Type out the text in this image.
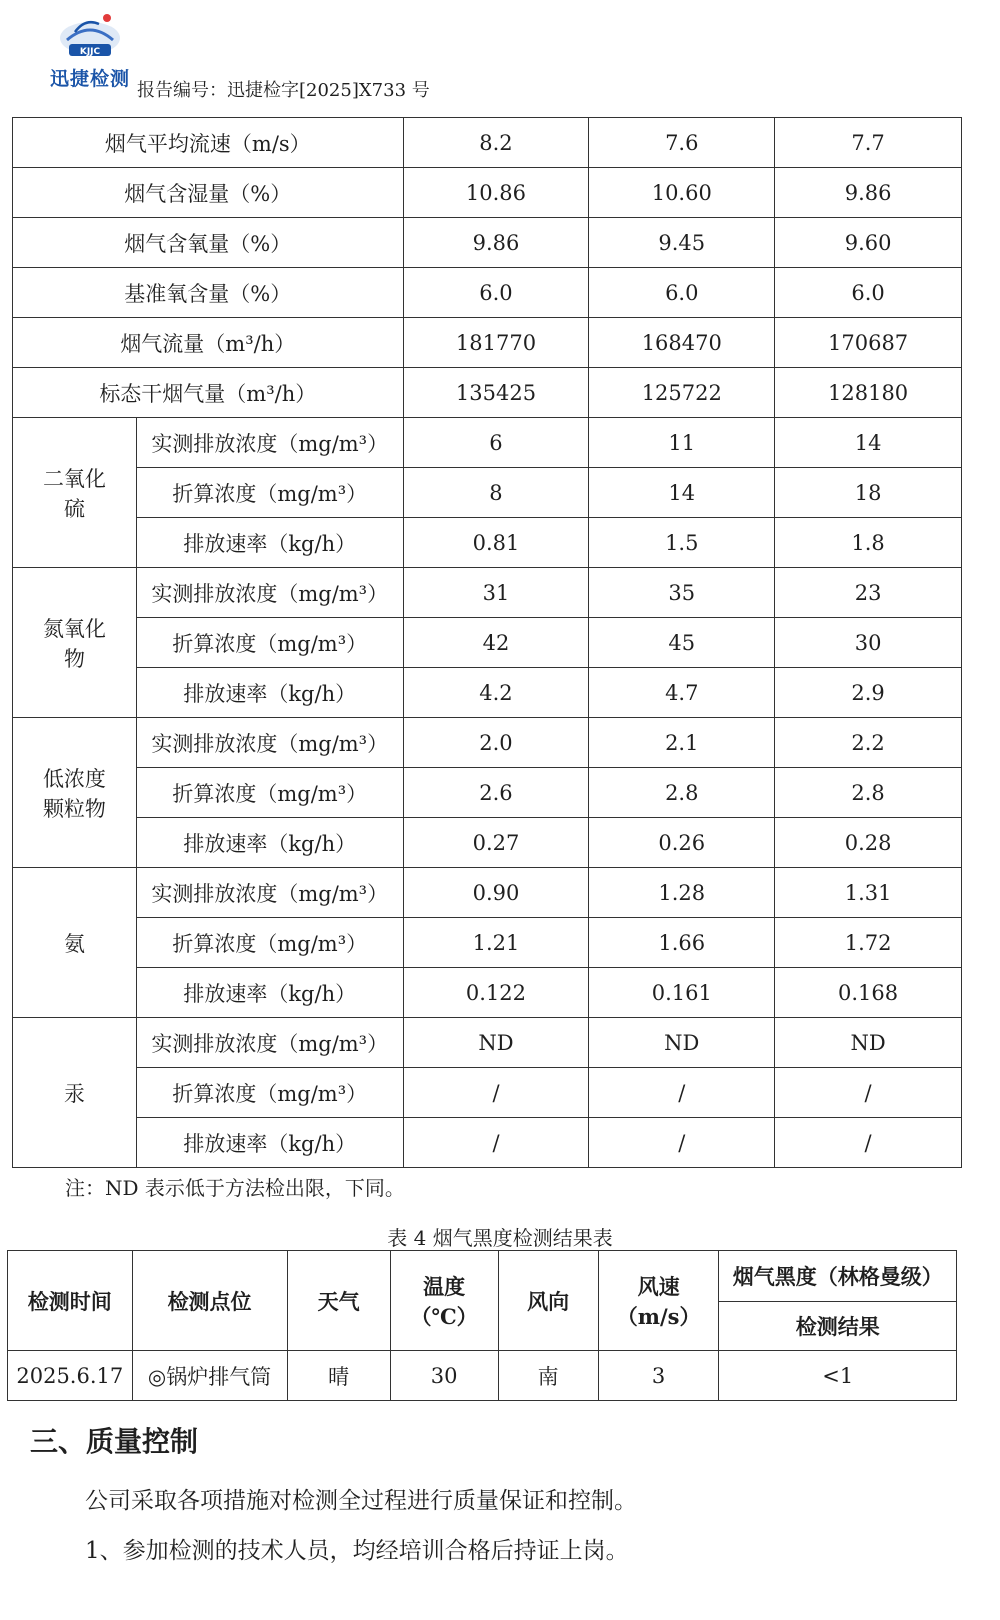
KJJC
迅捷检测
报告编号：迅捷检字[2025]X733 号
烟气平均流速（m/s）		8.2	7.6	7.7
烟气含湿量（%）		10.86	10.60	9.86
烟气含氧量（%）		9.86	9.45	9.60
基准氧含量（%）		6.0	6.0	6.0
烟气流量（m³/h）		181770	168470	170687
标态干烟气量（m³/h）		135425	125722	128180
二氧化硫	实测排放浓度（mg/m³）	6	11	14
	折算浓度（mg/m³）	8	14	18
	排放速率（kg/h）	0.81	1.5	1.8
氮氧化物	实测排放浓度（mg/m³）	31	35	23
	折算浓度（mg/m³）	42	45	30
	排放速率（kg/h）	4.2	4.7	2.9
低浓度颗粒物	实测排放浓度（mg/m³）	2.0	2.1	2.2
	折算浓度（mg/m³）	2.6	2.8	2.8
	排放速率（kg/h）	0.27	0.26	0.28
氨	实测排放浓度（mg/m³）	0.90	1.28	1.31
	折算浓度（mg/m³）	1.21	1.66	1.72
	排放速率（kg/h）	0.122	0.161	0.168
汞	实测排放浓度（mg/m³）	ND	ND	ND
	折算浓度（mg/m³）	/	/	/
	排放速率（kg/h）	/	/	/
注：ND 表示低于方法检出限，下同。
表 4 烟气黑度检测结果表
检测时间	检测点位	天气	温度（℃）	风向	风速（m/s）	烟气黑度（林格曼级）
						检测结果
2025.6.17	◎锅炉排气筒	晴	30	南	3	<1
三、质量控制
公司采取各项措施对检测全过程进行质量保证和控制。
1、参加检测的技术人员，均经培训合格后持证上岗。
